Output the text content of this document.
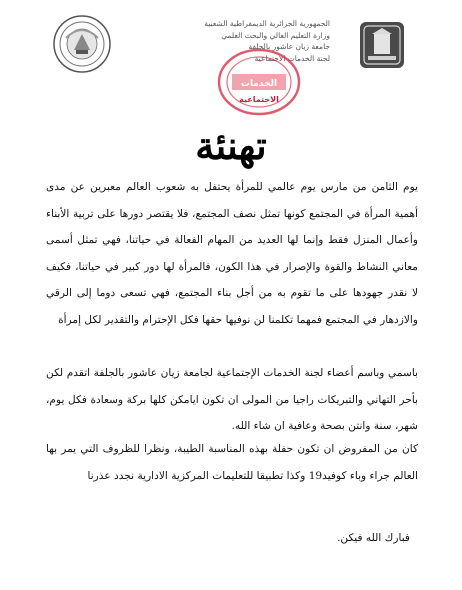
الجمهورية الجزائرية الديمقراطية الشعبية
وزارة التعليم العالي والبحث العلمي
جامعة زيان عاشور بالجلفة
لجنة الخدمات الاجتماعية
الخدمات
الاجتماعية
تهنئة
يوم الثامن من مارس يوم عالمي للمرأة يحتفل به شعوب العالم معبرين عن مدى أهمية المرأة في المجتمع كونها تمثل نصف المجتمع، فلا يقتصر دورها على تربية الأبناء وأعمال المنزل فقط وإنما لها العديد من المهام الفعالة في حياتنا، فهي تمثل أسمى معاني النشاط والقوة والإصرار في هذا الكون، فالمرأة لها دور كبير في حياتنا، فكيف لا نقدر جهودها على ما تقوم به من أجل بناء المجتمع، فهي تسعى دوما إلى الرقي والازدهار في المجتمع فمهما تكلمنا لن نوفيها حقها فكل الإحترام والتقدير لكل إمرأة
باسمي وباسم أعضاء لجنة الخدمات الإجتماعية لجامعة زيان عاشور بالجلفة اتقدم لكن بأحر التهاني والتبريكات راجيا من المولى ان تكون ايامكن كلها بركة وسعادة فكل يوم، شهر، سنة وانتن بصحة وعافية ان شاء الله.
كان من المفروض ان تكون حفلة بهذه المناسبة الطيبة، ونظرا للظروف التي يمر بها العالم جراء وباء كوفيد19 وكذا تطبيقا للتعليمات المركزية الادارية نجدد عذرنا
فبارك الله فيكن.
